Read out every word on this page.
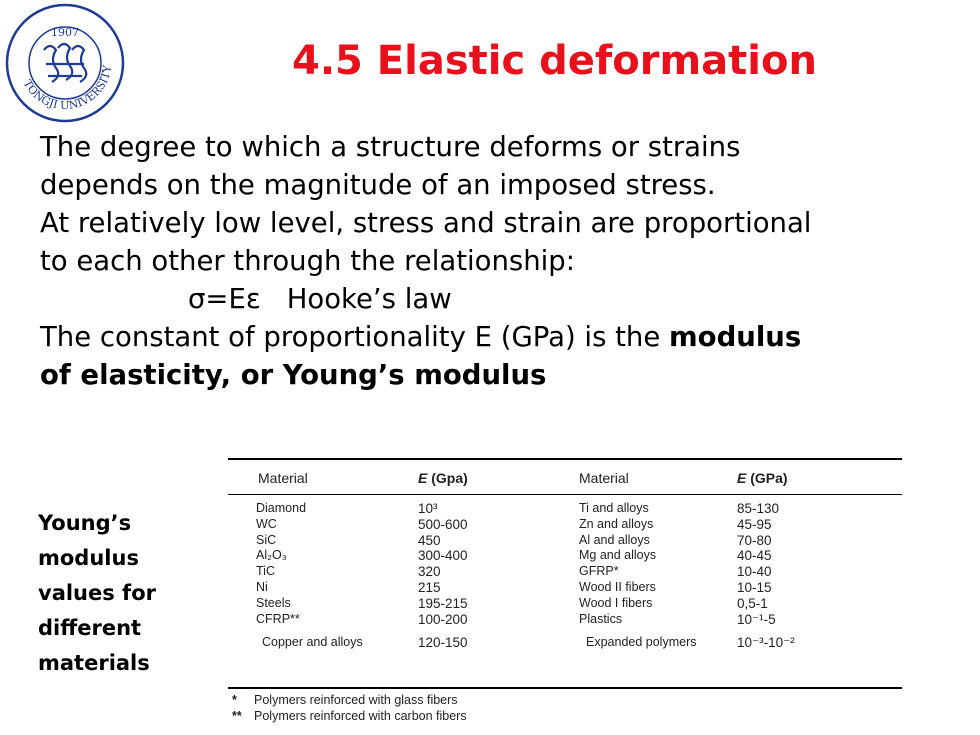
TONGJI UNIVERSITY
1907
4.5 Elastic deformation
The degree to which a structure deforms or strains
depends on the magnitude of an imposed stress.
At relatively low level, stress and strain are proportional
to each other through the relationship:
σ=Eε Hooke’s law
The constant of proportionality E (GPa) is the modulus
of elasticity, or Young’s modulus
Young’s
modulus
values for
different
materials
Material	E (Gpa)	Material	E (GPa)
Diamond	10³	Ti and alloys	85-130
WC	500-600	Zn and alloys	45-95
SiC	450	Al and alloys	70-80
Al₂O₃	300-400	Mg and alloys	40-45
TiC	320	GFRP*	10-40
Ni	215	Wood II fibers	10-15
Steels	195-215	Wood I fibers	0,5-1
CFRP**	100-200	Plastics	10⁻¹-5
Copper and alloys	120-150	Expanded polymers	10⁻³-10⁻²
* Polymers reinforced with glass fibers
** Polymers reinforced with carbon fibers
